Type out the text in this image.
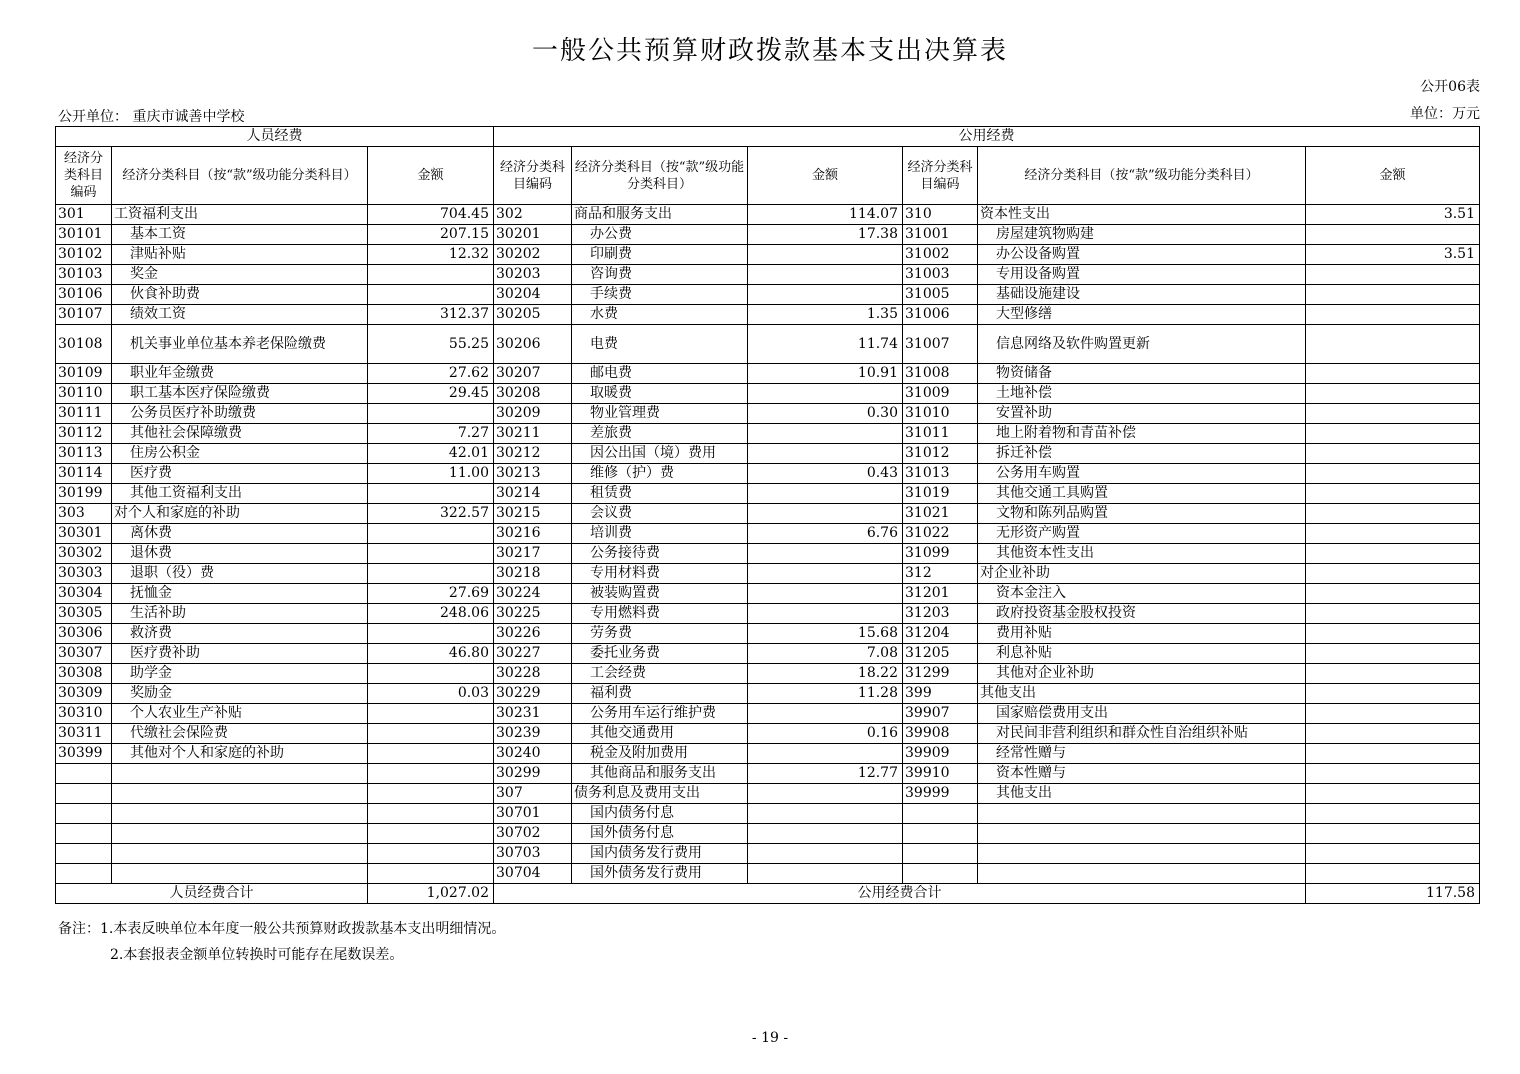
一般公共预算财政拨款基本支出决算表
公开06表
公开单位： 重庆市诚善中学校	单位：万元
人员经费			公用经费					
经济分类科目编码	经济分类科目（按“款”级功能分类科目）	金额	经济分类科目编码	经济分类科目（按“款”级功能分类科目）	金额	经济分类科目编码	经济分类科目（按“款”级功能分类科目）	金额
301	工资福利支出	704.45	302	商品和服务支出	114.07	310	资本性支出	3.51
30101	基本工资	207.15	30201	办公费	17.38	31001	房屋建筑物购建	
30102	津贴补贴	12.32	30202	印刷费		31002	办公设备购置	3.51
30103	奖金		30203	咨询费		31003	专用设备购置	
30106	伙食补助费		30204	手续费		31005	基础设施建设	
30107	绩效工资	312.37	30205	水费	1.35	31006	大型修缮	
30108	机关事业单位基本养老保险缴费	55.25	30206	电费	11.74	31007	信息网络及软件购置更新	
30109	职业年金缴费	27.62	30207	邮电费	10.91	31008	物资储备	
30110	职工基本医疗保险缴费	29.45	30208	取暖费		31009	土地补偿	
30111	公务员医疗补助缴费		30209	物业管理费	0.30	31010	安置补助	
30112	其他社会保障缴费	7.27	30211	差旅费		31011	地上附着物和青苗补偿	
30113	住房公积金	42.01	30212	因公出国（境）费用		31012	拆迁补偿	
30114	医疗费	11.00	30213	维修（护）费	0.43	31013	公务用车购置	
30199	其他工资福利支出		30214	租赁费		31019	其他交通工具购置	
303	对个人和家庭的补助	322.57	30215	会议费		31021	文物和陈列品购置	
30301	离休费		30216	培训费	6.76	31022	无形资产购置	
30302	退休费		30217	公务接待费		31099	其他资本性支出	
30303	退职（役）费		30218	专用材料费		312	对企业补助	
30304	抚恤金	27.69	30224	被装购置费		31201	资本金注入	
30305	生活补助	248.06	30225	专用燃料费		31203	政府投资基金股权投资	
30306	救济费		30226	劳务费	15.68	31204	费用补贴	
30307	医疗费补助	46.80	30227	委托业务费	7.08	31205	利息补贴	
30308	助学金		30228	工会经费	18.22	31299	其他对企业补助	
30309	奖励金	0.03	30229	福利费	11.28	399	其他支出	
30310	个人农业生产补贴		30231	公务用车运行维护费		39907	国家赔偿费用支出	
30311	代缴社会保险费		30239	其他交通费用	0.16	39908	对民间非营利组织和群众性自治组织补贴	
30399	其他对个人和家庭的补助		30240	税金及附加费用		39909	经常性赠与	
			30299	其他商品和服务支出	12.77	39910	资本性赠与	
			307	债务利息及费用支出		39999	其他支出	
			30701	国内债务付息				
			30702	国外债务付息				
			30703	国内债务发行费用				
			30704	国外债务发行费用				
人员经费合计		1,027.02	公用经费合计					117.58
备注：1.本表反映单位本年度一般公共预算财政拨款基本支出明细情况。
2.本套报表金额单位转换时可能存在尾数误差。
- 19 -
